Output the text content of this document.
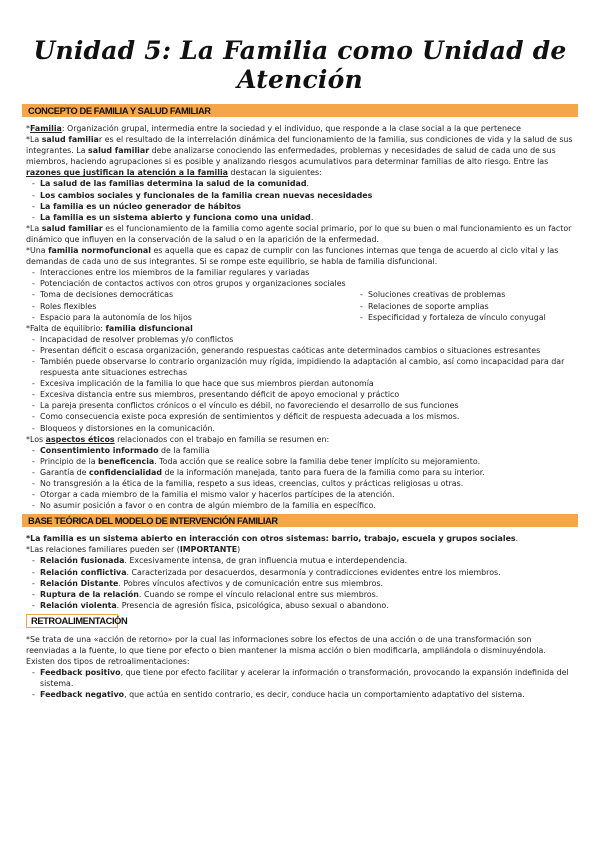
Unidad 5: La Familia como Unidad de Atención
CONCEPTO DE FAMILIA Y SALUD FAMILIAR

*Familia: Organización grupal, intermedia entre la sociedad y el individuo, que responde a la clase social a la que pertenece

*La salud familiar es el resultado de la interrelación dinámica del funcionamiento de la familia, sus condiciones de vida y la salud de sus integrantes. La salud familiar debe analizarse conociendo las enfermedades, problemas y necesidades de salud de cada uno de sus miembros, haciendo agrupaciones si es posible y analizando riesgos acumulativos para determinar familias de alto riesgo. Entre las razones que justifican la atención a la familia destacan la siguientes:

- La salud de las familias determina la salud de la comunidad.
- Los cambios sociales y funcionales de la familia crean nuevas necesidades
- La familia es un núcleo generador de hábitos
- La familia es un sistema abierto y funciona como una unidad.

*La salud familiar es el funcionamiento de la familia como agente social primario, por lo que su buen o mal funcionamiento es un factor dinámico que influyen en la conservación de la salud o en la aparición de la enfermedad.

*Una familia normofuncional es aquella que es capaz de cumplir con las funciones internas que tenga de acuerdo al ciclo vital y las demandas de cada uno de sus integrantes. Si se rompe este equilibrio, se habla de familia disfuncional.

- Interacciones entre los miembros de la familiar regulares y variadas
- Potenciación de contactos activos con otros grupos y organizaciones sociales
- Toma de decisiones democráticas
- Roles flexibles
- Espacio para la autonomía de los hijos
- Soluciones creativas de problemas
- Relaciones de soporte amplias
- Especificidad y fortaleza de vínculo conyugal

*Falta de equilibrio: familia disfuncional

- Incapacidad de resolver problemas y/o conflictos
- Presentan déficit o escasa organización, generando respuestas caóticas ante determinados cambios o situaciones estresantes
- También puede observarse lo contrario organización muy rígida, impidiendo la adaptación al cambio, así como incapacidad para dar respuesta ante situaciones estrechas
- Excesiva implicación de la familia lo que hace que sus miembros pierdan autonomía
- Excesiva distancia entre sus miembros, presentando déficit de apoyo emocional y práctico
- La pareja presenta conflictos crónicos o el vínculo es débil, no favoreciendo el desarrollo de sus funciones
- Como consecuencia existe poca expresión de sentimientos y déficit de respuesta adecuada a los mismos.
- Bloqueos y distorsiones en la comunicación.

*Los aspectos éticos relacionados con el trabajo en familia se resumen en:

- Consentimiento informado de la familia
- Principio de la beneficencia. Toda acción que se realice sobre la familia debe tener implícito su mejoramiento.
- Garantía de confidencialidad de la información manejada, tanto para fuera de la familia como para su interior.
- No transgresión a la ética de la familia, respeto a sus ideas, creencias, cultos y prácticas religiosas u otras.
- Otorgar a cada miembro de la familia el mismo valor y hacerlos partícipes de la atención.
- No asumir posición a favor o en contra de algún miembro de la familia en específico.
BASE TEÓRICA DEL MODELO DE INTERVENCIÓN FAMILIAR

*La familia es un sistema abierto en interacción con otros sistemas: barrio, trabajo, escuela y grupos sociales.

*Las relaciones familiares pueden ser (IMPORTANTE)

- Relación fusionada. Excesivamente intensa, de gran influencia mutua e interdependencia.
- Relación conflictiva. Caracterizada por desacuerdos, desarmonía y contradicciones evidentes entre los miembros.
- Relación Distante. Pobres vínculos afectivos y de comunicación entre sus miembros.
- Ruptura de la relación. Cuando se rompe el vínculo relacional entre sus miembros.
- Relación violenta. Presencia de agresión física, psicológica, abuso sexual o abandono.
RETROALIMENTACIÓN

*Se trata de una «acción de retorno» por la cual las informaciones sobre los efectos de una acción o de una transformación son reenviadas a la fuente, lo que tiene por efecto o bien mantener la misma acción o bien modificarla, ampliándola o disminuyéndola. Existen dos tipos de retroalimentaciones:

- Feedback positivo, que tiene por efecto facilitar y acelerar la información o transformación, provocando la expansión indefinida del sistema.
- Feedback negativo, que actúa en sentido contrario, es decir, conduce hacia un comportamiento adaptativo del sistema.
